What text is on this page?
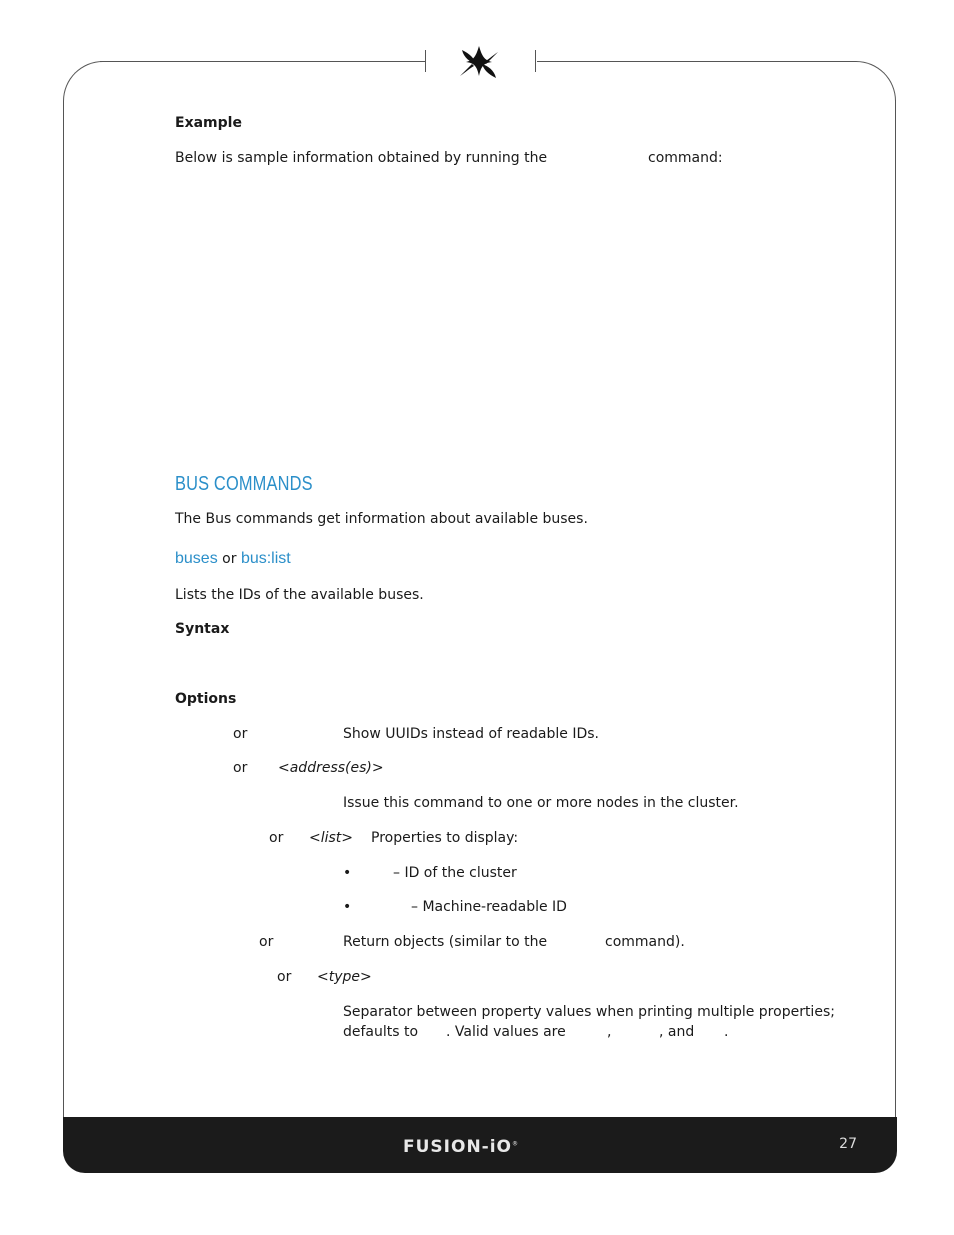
Example
Below is sample information obtained by running the	command:
BUS COMMANDS
The Bus commands get information about available buses.
buses or bus:list
Lists the IDs of the available buses.
Syntax
Options
or	Show UUIDs instead of readable IDs.
or <address(es)>
Issue this command to one or more nodes in the cluster.
or <list> Properties to display:
•	– ID of the cluster
•	– Machine-readable ID
or	Return objects (similar to the	command).
or <type>
Separator between property values when printing multiple properties;
defaults to . Valid values are	,	, and .
FUSION-iO®	27
